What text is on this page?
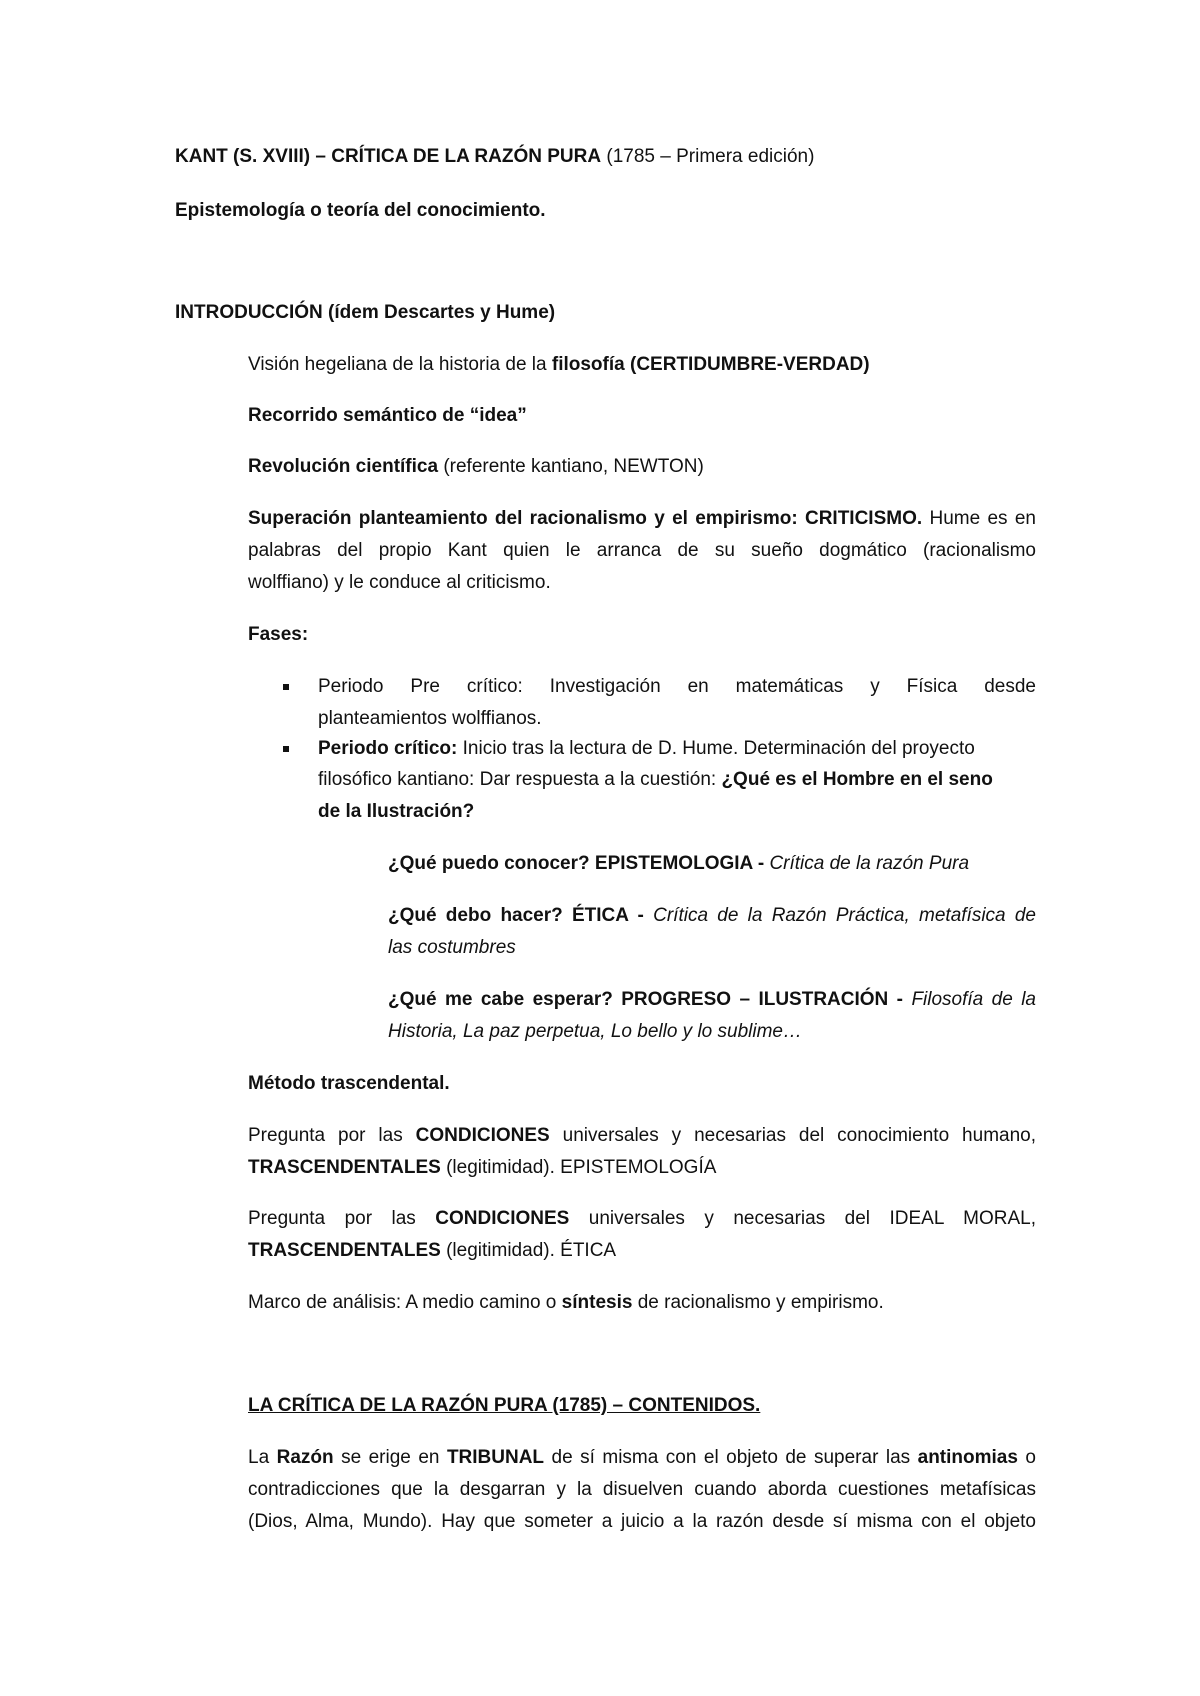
KANT (S. XVIII) – CRÍTICA DE LA RAZÓN PURA (1785 – Primera edición)
Epistemología o teoría del conocimiento.
INTRODUCCIÓN (ídem Descartes y Hume)
Visión hegeliana de la historia de la filosofía (CERTIDUMBRE-VERDAD)
Recorrido semántico de “idea”
Revolución científica (referente kantiano, NEWTON)
Superación planteamiento del racionalismo y el empirismo: CRITICISMO. Hume es en
palabras del propio Kant quien le arranca de su sueño dogmático (racionalismo
wolffiano) y le conduce al criticismo.
Fases:
Periodo Pre crítico: Investigación en matemáticas y Física desde
planteamientos wolffianos.
Periodo crítico: Inicio tras la lectura de D. Hume. Determinación del proyecto
filosófico kantiano: Dar respuesta a la cuestión: ¿Qué es el Hombre en el seno
de la Ilustración?
¿Qué puedo conocer? EPISTEMOLOGIA - Crítica de la razón Pura
¿Qué debo hacer? ÉTICA - Crítica de la Razón Práctica, metafísica de
las costumbres
¿Qué me cabe esperar? PROGRESO – ILUSTRACIÓN - Filosofía de la
Historia, La paz perpetua, Lo bello y lo sublime…
Método trascendental.
Pregunta por las CONDICIONES universales y necesarias del conocimiento humano,
TRASCENDENTALES (legitimidad). EPISTEMOLOGÍA
Pregunta por las CONDICIONES universales y necesarias del IDEAL MORAL,
TRASCENDENTALES (legitimidad). ÉTICA
Marco de análisis: A medio camino o síntesis de racionalismo y empirismo.
LA CRÍTICA DE LA RAZÓN PURA (1785) – CONTENIDOS.
La Razón se erige en TRIBUNAL de sí misma con el objeto de superar las antinomias o
contradicciones que la desgarran y la disuelven cuando aborda cuestiones metafísicas
(Dios, Alma, Mundo). Hay que someter a juicio a la razón desde sí misma con el objeto
